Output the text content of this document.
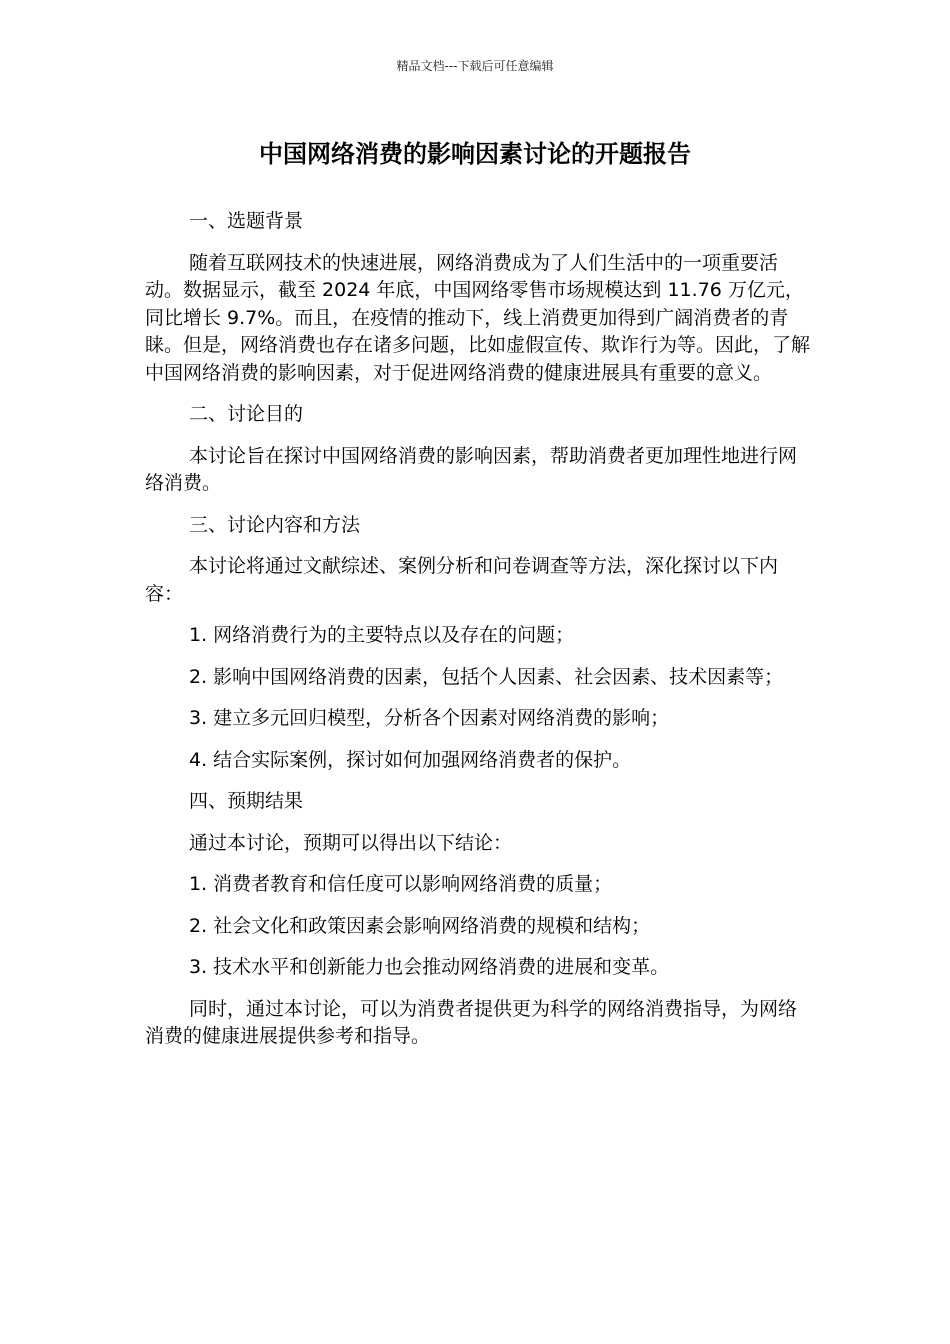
精品文档---下载后可任意编辑
中国网络消费的影响因素讨论的开题报告

一、选题背景

随着互联网技术的快速进展，网络消费成为了人们生活中的一项重要活动。数据显示，截至 2024 年底，中国网络零售市场规模达到 11.76 万亿元，同比增长 9.7%。而且，在疫情的推动下，线上消费更加得到广阔消费者的青睐。但是，网络消费也存在诸多问题，比如虚假宣传、欺诈行为等。因此，了解中国网络消费的影响因素，对于促进网络消费的健康进展具有重要的意义。

二、讨论目的

本讨论旨在探讨中国网络消费的影响因素，帮助消费者更加理性地进行网络消费。

三、讨论内容和方法

本讨论将通过文献综述、案例分析和问卷调查等方法，深化探讨以下内容：

1. 网络消费行为的主要特点以及存在的问题；

2. 影响中国网络消费的因素，包括个人因素、社会因素、技术因素等；

3. 建立多元回归模型，分析各个因素对网络消费的影响；

4. 结合实际案例，探讨如何加强网络消费者的保护。

四、预期结果

通过本讨论，预期可以得出以下结论：

1. 消费者教育和信任度可以影响网络消费的质量；

2. 社会文化和政策因素会影响网络消费的规模和结构；

3. 技术水平和创新能力也会推动网络消费的进展和变革。

同时，通过本讨论，可以为消费者提供更为科学的网络消费指导，为网络消费的健康进展提供参考和指导。
